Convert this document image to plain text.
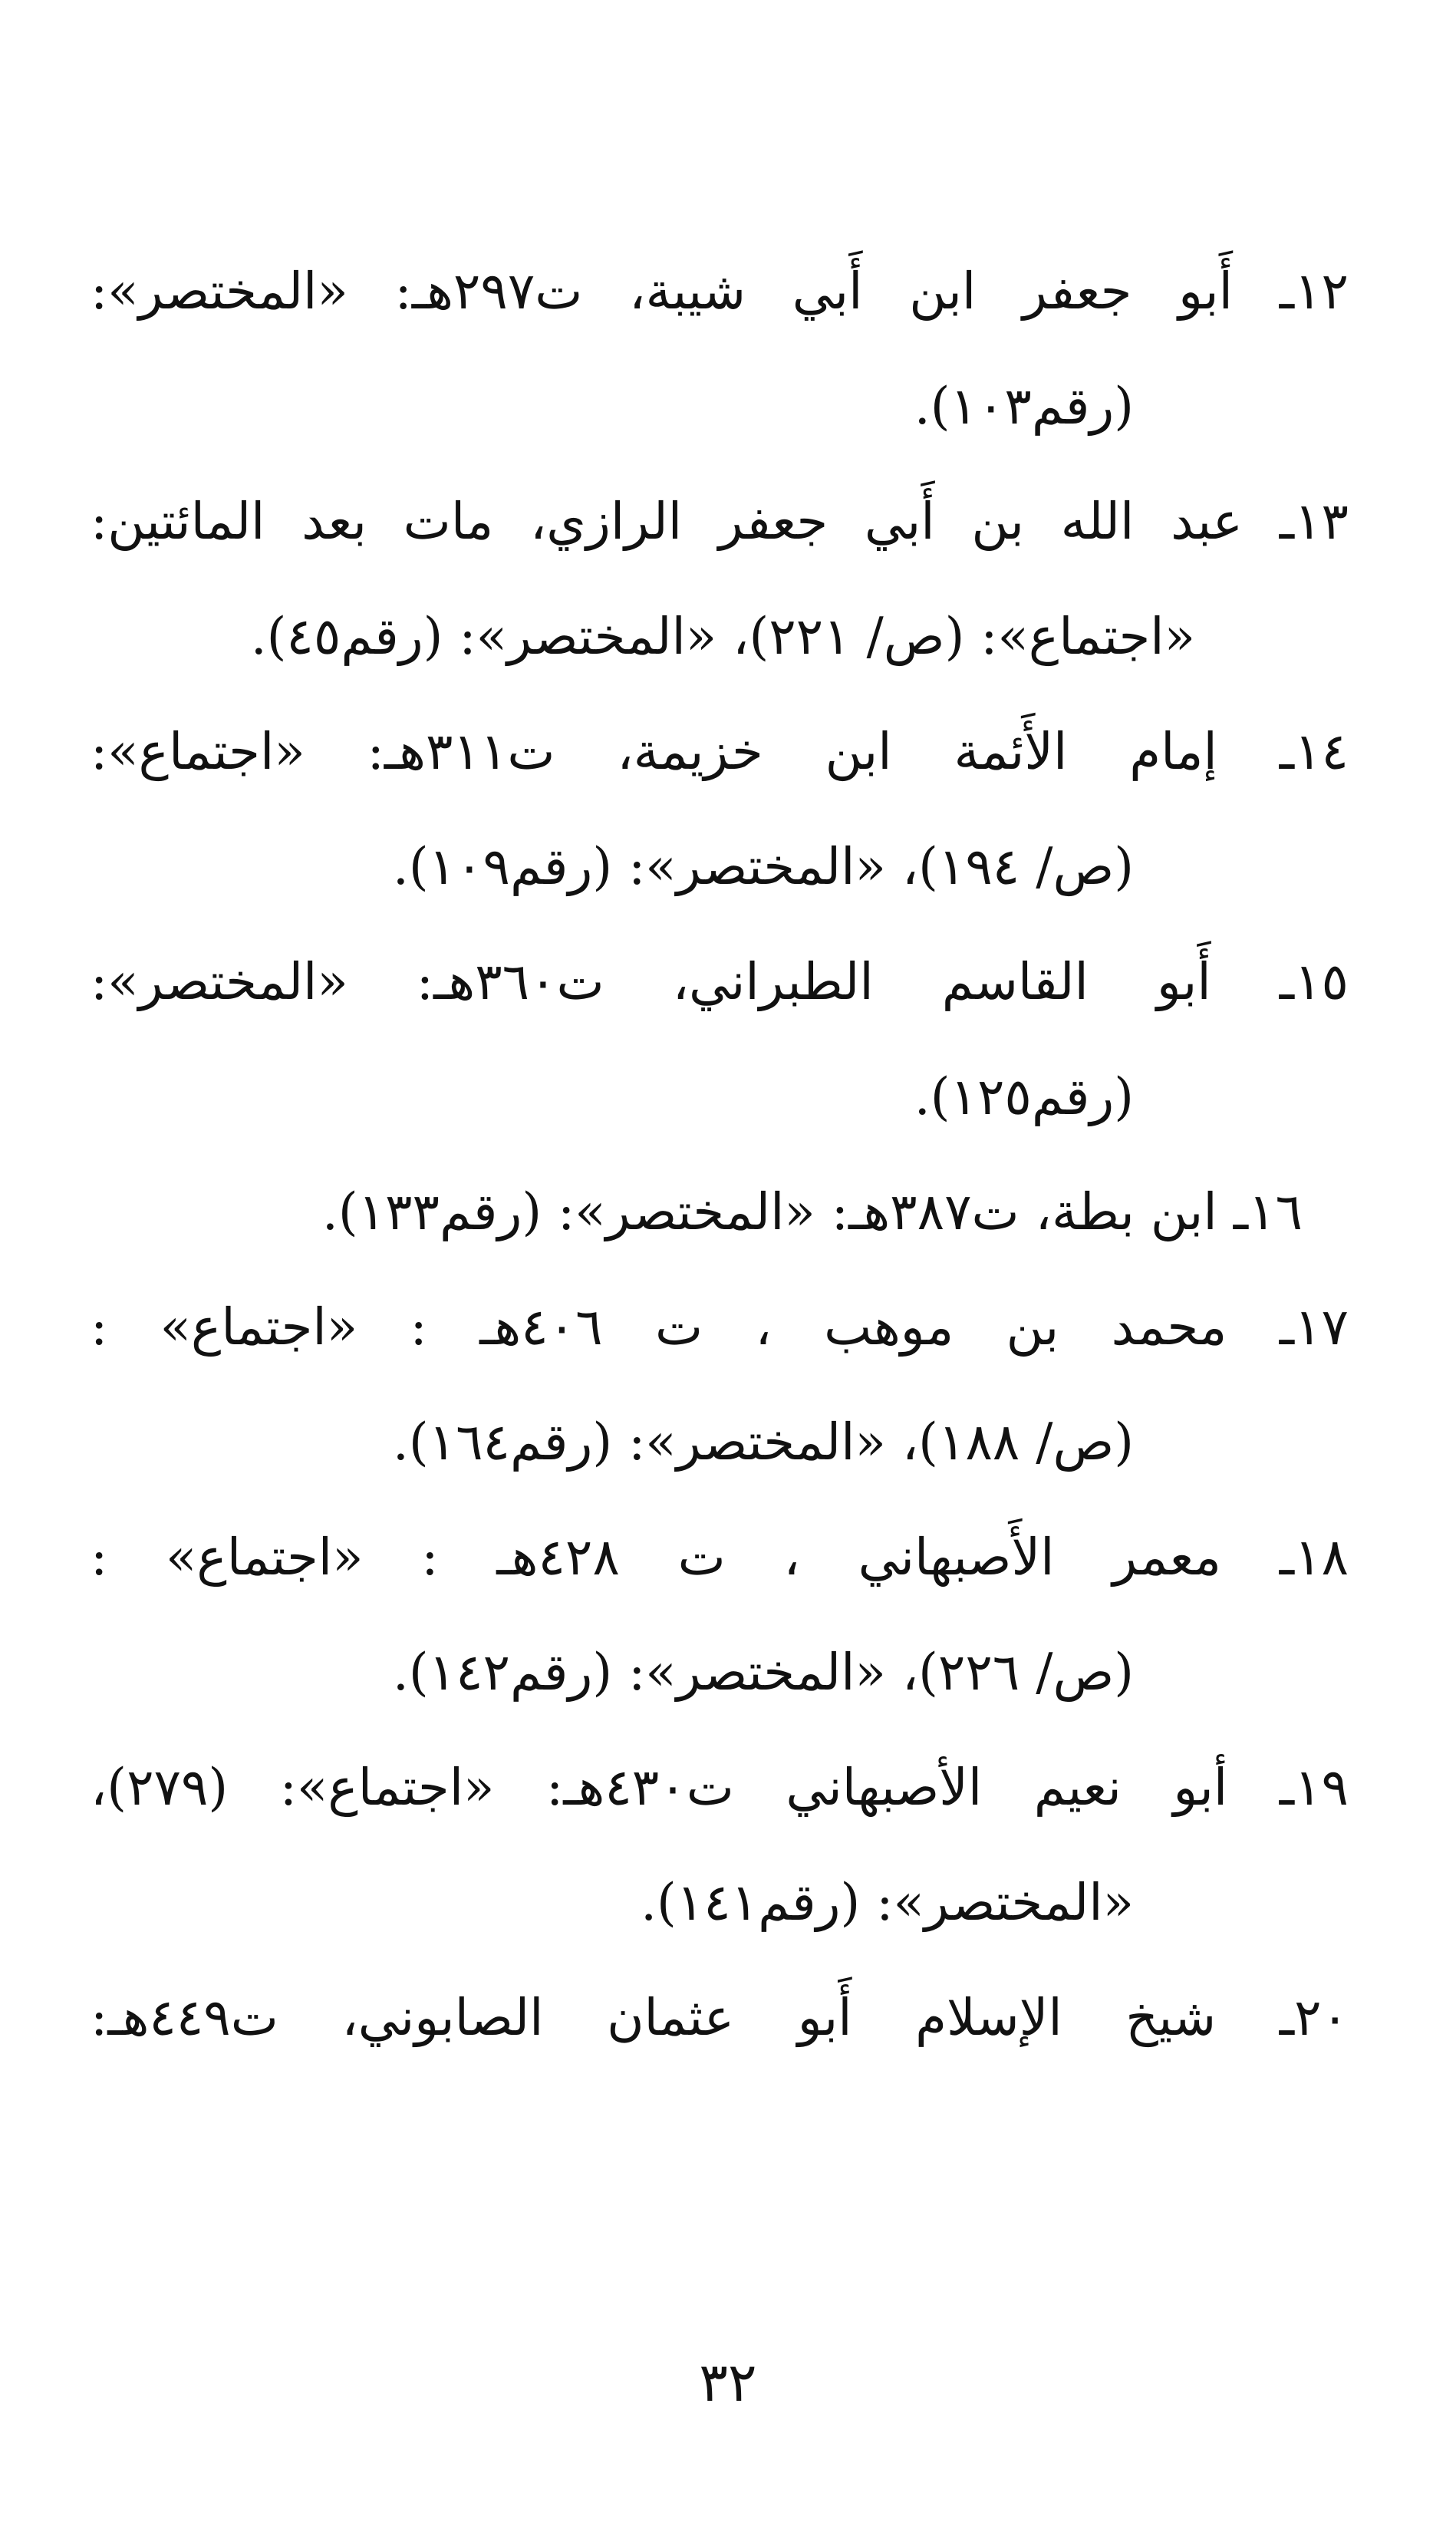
١٢ـ أَبو جعفر ابن أَبي شيبة، ت٢٩٧هـ: «المختصر»:
(رقم١٠٣).
١٣ـ عبد الله بن أَبي جعفر الرازي، مات بعد المائتين:
«اجتماع»: (ص/ ٢٢١)، «المختصر»: (رقم٤٥).
١٤ـ إمام الأَئمة ابن خزيمة، ت٣١١هـ: «اجتماع»:
(ص/ ١٩٤)، «المختصر»: (رقم١٠٩).
١٥ـ أَبو القاسم الطبراني، ت٣٦٠هـ: «المختصر»:
(رقم١٢٥).
١٦ـ ابن بطة، ت٣٨٧هـ: «المختصر»: (رقم١٣٣).
١٧ـ محمد بن موهب ، ت ٤٠٦هـ : «اجتماع» :
(ص/ ١٨٨)، «المختصر»: (رقم١٦٤).
١٨ـ معمر الأَصبهاني ، ت ٤٢٨هـ : «اجتماع» :
(ص/ ٢٢٦)، «المختصر»: (رقم١٤٢).
١٩ـ أبو نعيم الأصبهاني ت٤٣٠هـ: «اجتماع»: (٢٧٩)،
«المختصر»: (رقم١٤١).
٢٠ـ شيخ الإسلام أَبو عثمان الصابوني، ت٤٤٩هـ:
٣٢
